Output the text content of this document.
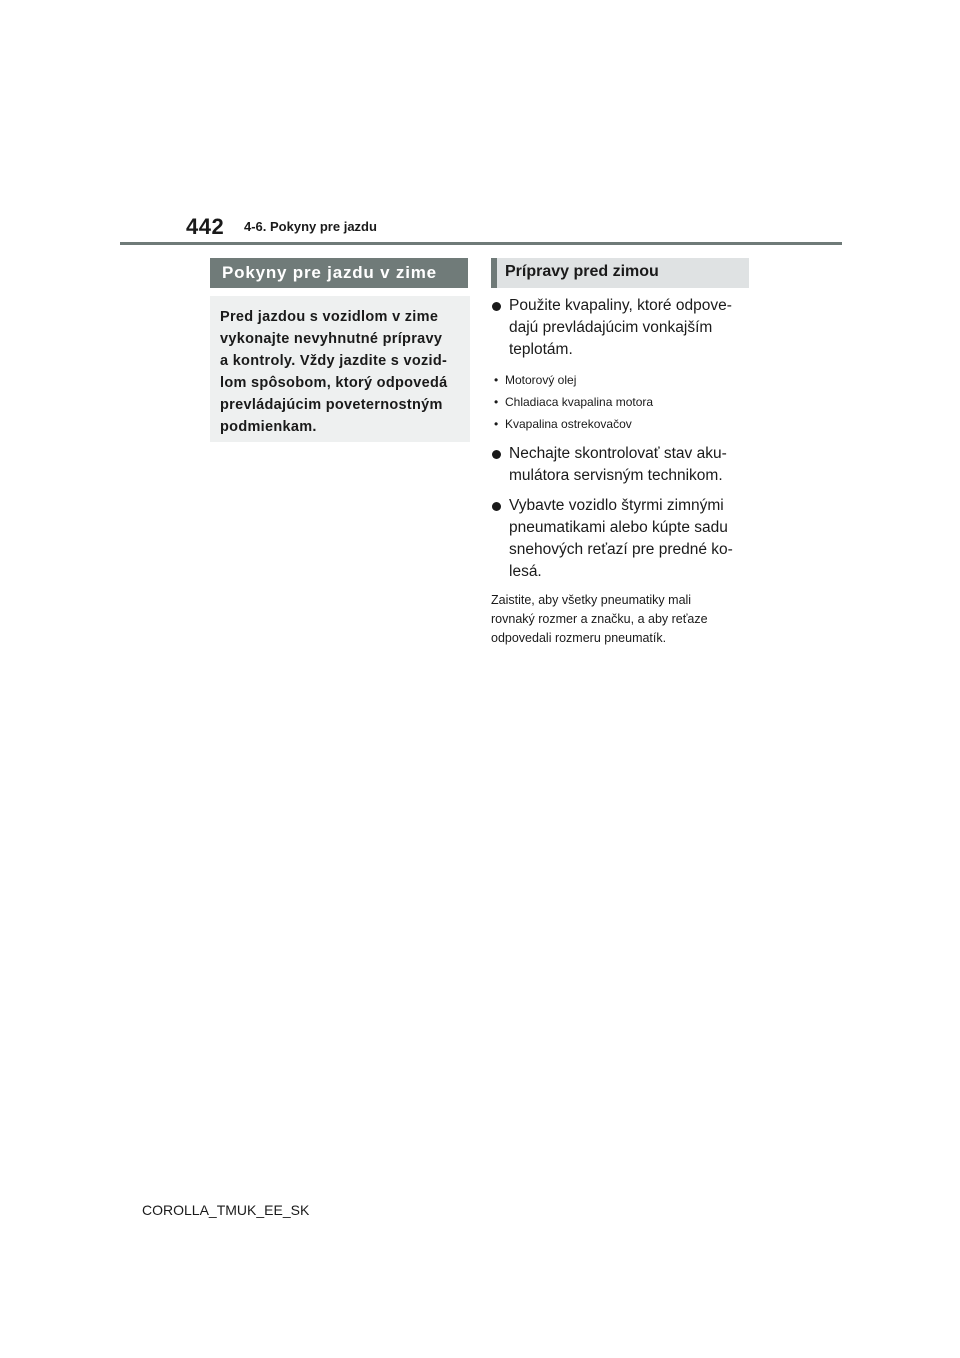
442 4-6. Pokyny pre jazdu
Pokyny pre jazdu v zime
Pred jazdou s vozidlom v zime
vykonajte nevyhnutné prípravy
a kontroly. Vždy jazdite s vozid-
lom spôsobom, ktorý odpovedá
prevládajúcim poveternostným
podmienkam.
Prípravy pred zimou
Použite kvapaliny, ktoré odpove-
dajú prevládajúcim vonkajším
teplotám.
• Motorový olej
• Chladiaca kvapalina motora
• Kvapalina ostrekovačov
Nechajte skontrolovať stav aku-
mulátora servisným technikom.
Vybavte vozidlo štyrmi zimnými
pneumatikami alebo kúpte sadu
snehových reťazí pre predné ko-
lesá.
Zaistite, aby všetky pneumatiky mali
rovnaký rozmer a značku, a aby reťaze
odpovedali rozmeru pneumatík.
COROLLA_TMUK_EE_SK
